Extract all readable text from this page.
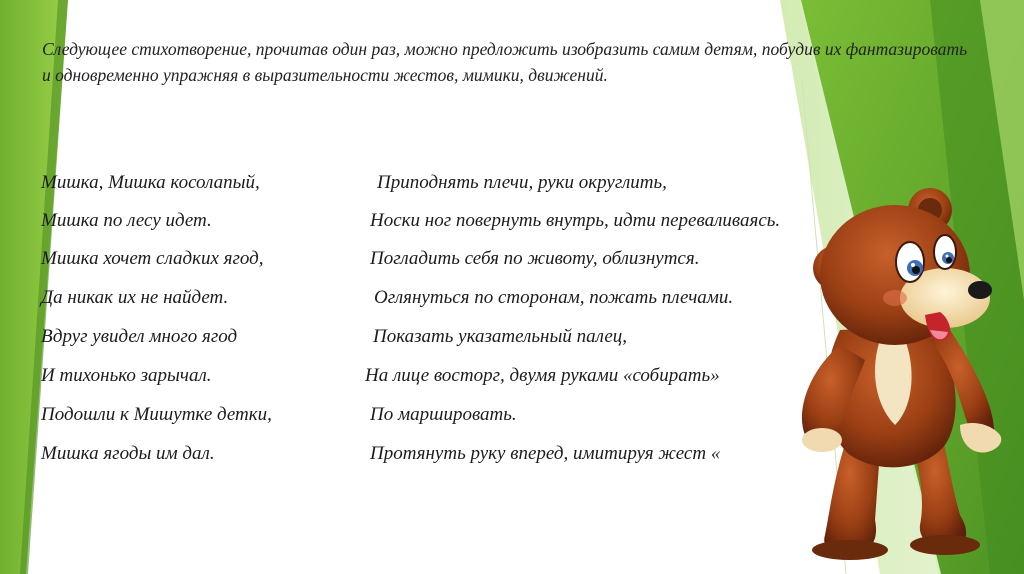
Следующее стихотворение, прочитав один раз, можно предложить изобразить самим детям, побудив их фантазировать и одновременно упражняя в выразительности жестов, мимики, движений.
Мишка, Мишка косолапый,	Приподнять плечи, руки округлить,
Мишка по лесу идет.	Носки ног повернуть внутрь, идти переваливаясь.
Мишка хочет сладких ягод,	Погладить себя по животу, облизнутся.
Да никак их не найдет.	Оглянуться по сторонам, пожать плечами.
Вдруг увидел много ягод	Показать указательный палец,
И тихонько зарычал.	На лице восторг, двумя руками «собирать»
Подошли к Мишутке детки,	По маршировать.
Мишка ягоды им дал.	Протянуть руку вперед, имитируя жест «
